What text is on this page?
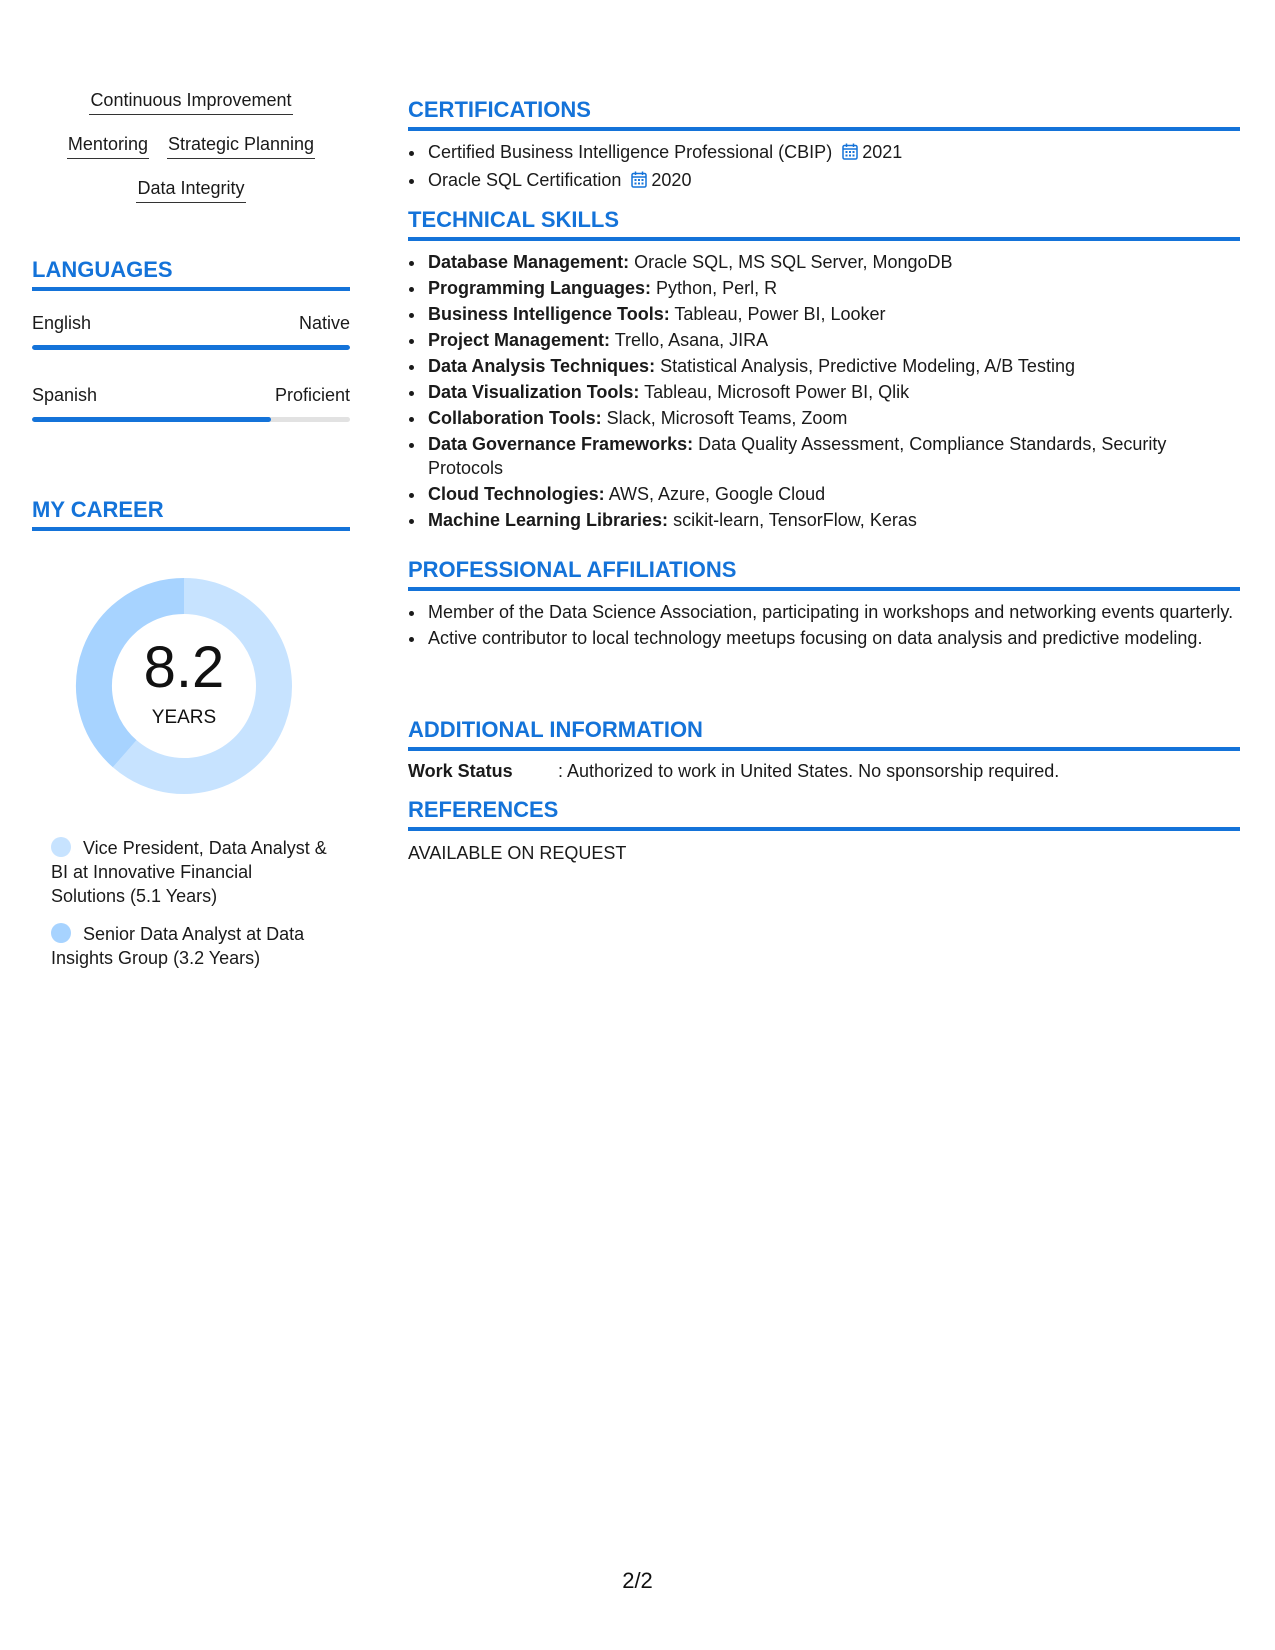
Continuous Improvement
Mentoring Strategic Planning
Data Integrity
LANGUAGES
English	Native
Spanish	Proficient
MY CAREER
8.2
YEARS
Vice President, Data Analyst & BI at Innovative Financial Solutions (5.1 Years)
Senior Data Analyst at Data Insights Group (3.2 Years)
CERTIFICATIONS
• Certified Business Intelligence Professional (CBIP) 2021
• Oracle SQL Certification 2020
TECHNICAL SKILLS
• Database Management: Oracle SQL, MS SQL Server, MongoDB
• Programming Languages: Python, Perl, R
• Business Intelligence Tools: Tableau, Power BI, Looker
• Project Management: Trello, Asana, JIRA
• Data Analysis Techniques: Statistical Analysis, Predictive Modeling, A/B Testing
• Data Visualization Tools: Tableau, Microsoft Power BI, Qlik
• Collaboration Tools: Slack, Microsoft Teams, Zoom
• Data Governance Frameworks: Data Quality Assessment, Compliance Standards, Security Protocols
• Cloud Technologies: AWS, Azure, Google Cloud
• Machine Learning Libraries: scikit-learn, TensorFlow, Keras
PROFESSIONAL AFFILIATIONS
• Member of the Data Science Association, participating in workshops and networking events quarterly.
• Active contributor to local technology meetups focusing on data analysis and predictive modeling.
ADDITIONAL INFORMATION
Work Status	: Authorized to work in United States. No sponsorship required.
REFERENCES
AVAILABLE ON REQUEST
2/2
